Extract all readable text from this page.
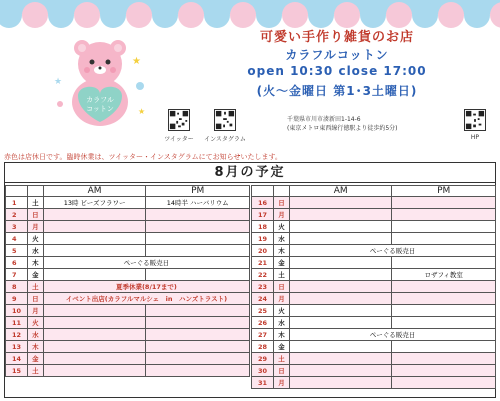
カラフル
コットン
★
★
★
可愛い手作り雑貨のお店
カラフルコットン
open 10:30 close 17:00
(火～金曜日 第1･3土曜日)
ツイッター	インスタグラム
千葉県市川市湊新田1-14-6
(東京メトロ東西線行徳駅より徒歩約5分)
HP
赤色は店休日です。臨時休業は、ツイッター・インスタグラムにてお知らせいたします。
8月の予定
		AM	PM
1	土	13時 ビーズフラワー	14時半 ハーバリウム
2	日		
3	月		
4	火		
5	水		
6	木	ぺーぐる販売日	
7	金		
8	土	夏季休業(8/17まで)	
9	日	イベント出店(カラフルマルシェ　in　ハンズトラスト)	
10	月		
11	火		
12	水		
13	木		
14	金		
15	土		
		AM	PM
16	日		
17	月		
18	火		
19	水		
20	木	ぺーぐる販売日	
21	金		
22	土		ロザフィ教室
23	日		
24	月		
25	火		
26	水		
27	木	ぺーぐる販売日	
28	金		
29	土		
30	日		
31	月		
